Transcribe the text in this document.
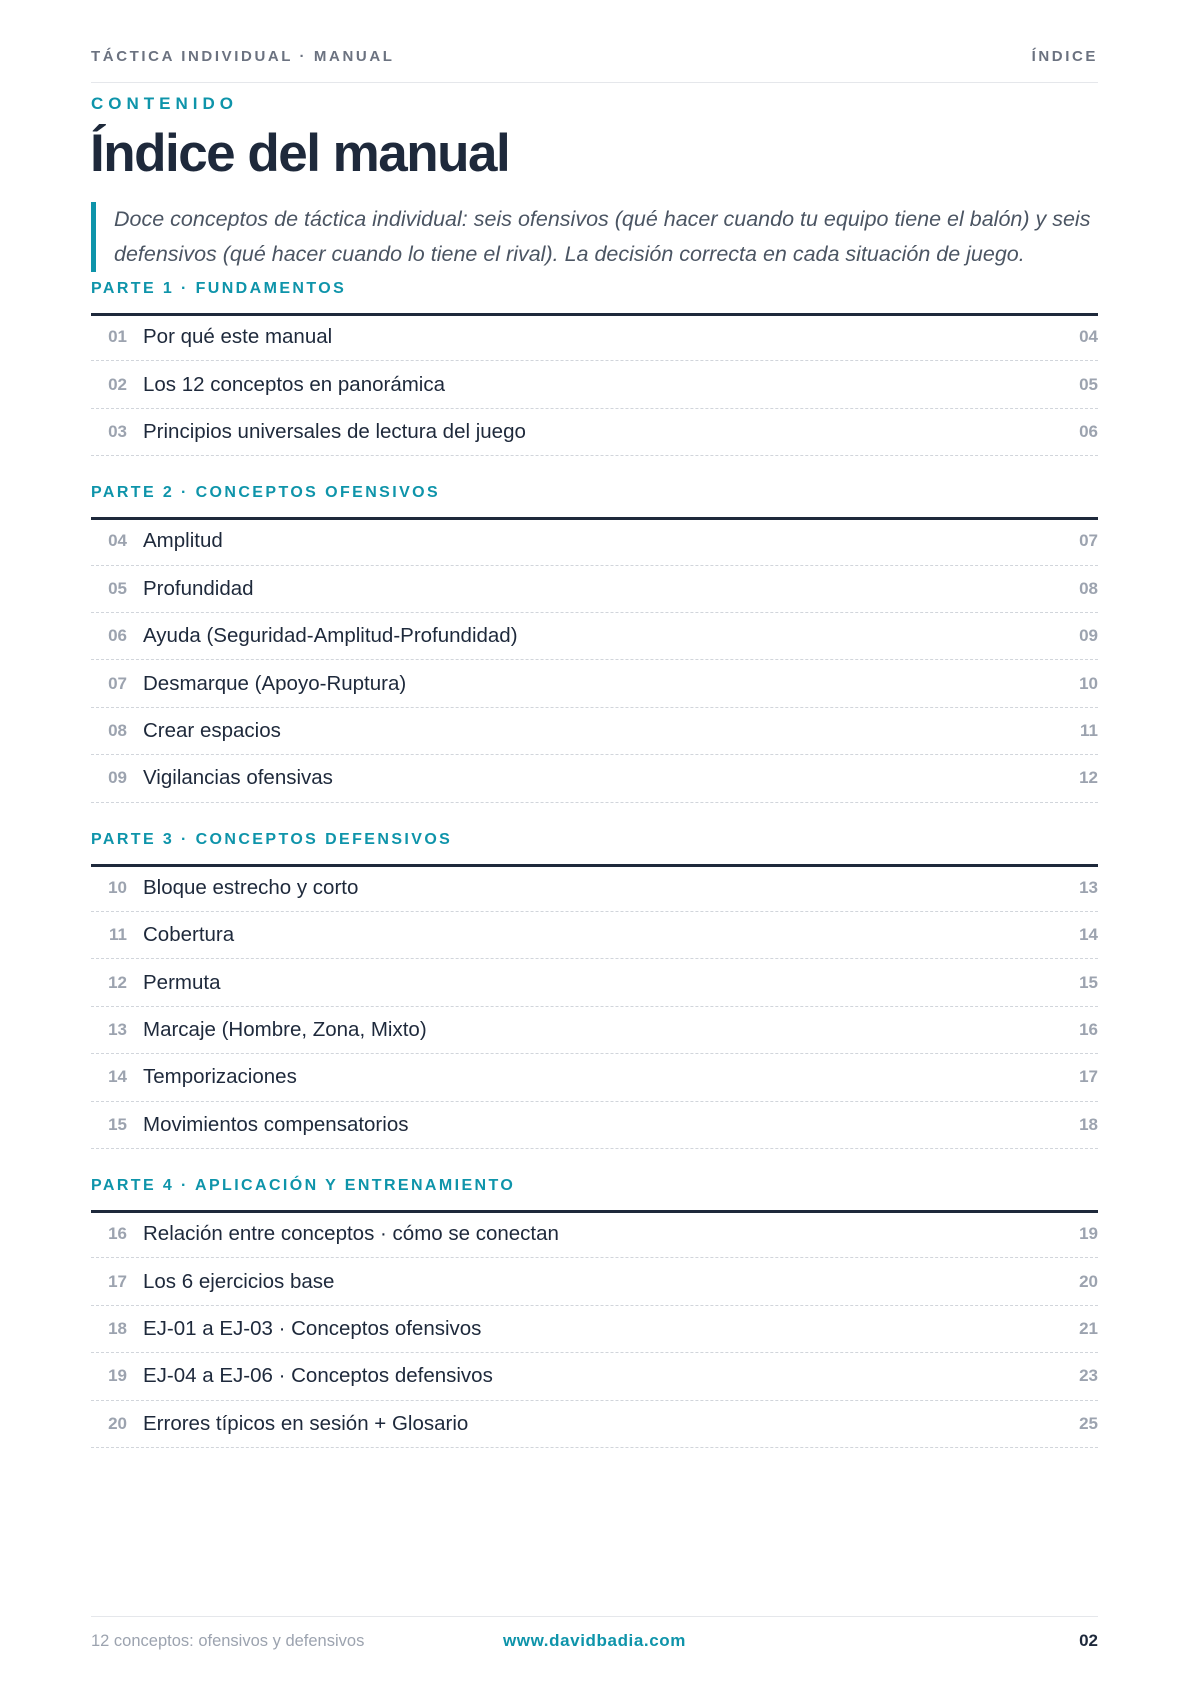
TÁCTICA INDIVIDUAL · MANUAL	ÍNDICE
CONTENIDO
Índice del manual
Doce conceptos de táctica individual: seis ofensivos (qué hacer cuando tu equipo tiene el balón) y seis defensivos (qué hacer cuando lo tiene el rival). La decisión correcta en cada situación de juego.
PARTE 1 · FUNDAMENTOS
01 Por qué este manual	04
02 Los 12 conceptos en panorámica	05
03 Principios universales de lectura del juego	06
PARTE 2 · CONCEPTOS OFENSIVOS
04 Amplitud	07
05 Profundidad	08
06 Ayuda (Seguridad-Amplitud-Profundidad)	09
07 Desmarque (Apoyo-Ruptura)	10
08 Crear espacios	11
09 Vigilancias ofensivas	12
PARTE 3 · CONCEPTOS DEFENSIVOS
10 Bloque estrecho y corto	13
11 Cobertura	14
12 Permuta	15
13 Marcaje (Hombre, Zona, Mixto)	16
14 Temporizaciones	17
15 Movimientos compensatorios	18
PARTE 4 · APLICACIÓN Y ENTRENAMIENTO
16 Relación entre conceptos · cómo se conectan	19
17 Los 6 ejercicios base	20
18 EJ-01 a EJ-03 · Conceptos ofensivos	21
19 EJ-04 a EJ-06 · Conceptos defensivos	23
20 Errores típicos en sesión + Glosario	25
12 conceptos: ofensivos y defensivos	www.davidbadia.com	02
